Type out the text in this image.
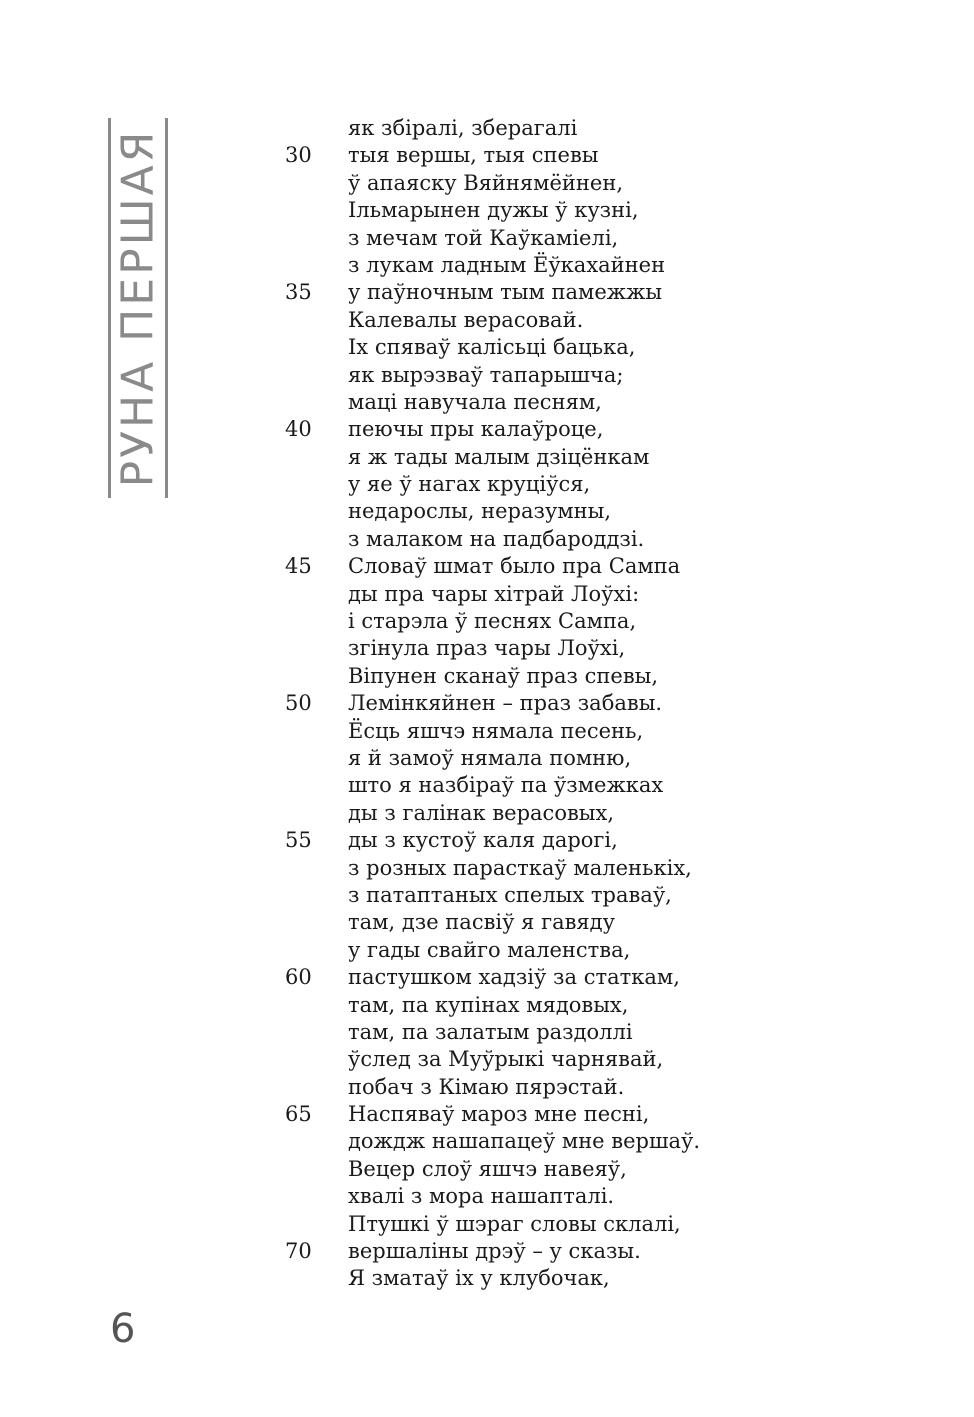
РУНА ПЕРШАЯ
як збіралі, зберагалі
30	тыя вершы, тыя спевы
ў апаяску Вяйнямёйнен,
Ільмарынен дужы ў кузні,
з мечам той Каўкаміелі,
з лукам ладным Ёўкахайнен
35	у паўночным тым памежжы
Калевалы верасовай.
Іх спяваў калісьці бацька,
як вырэзваў тапарышча;
маці навучала песням,
40	пеючы пры калаўроце,
я ж тады малым дзіцёнкам
у яе ў нагах круціўся,
недарослы, неразумны,
з малаком на падбароддзі.
45	Словаў шмат было пра Сампа
ды пра чары хітрай Лоўхі:
і старэла ў песнях Сампа,
згінула праз чары Лоўхі,
Віпунен сканаў праз спевы,
50	Лемінкяйнен – праз забавы.
Ёсць яшчэ нямала песень,
я й замоў нямала помню,
што я назбіраў па ўзмежках
ды з галінак верасовых,
55	ды з кустоў каля дарогі,
з розных парасткаў маленькіх,
з патаптаных спелых траваў,
там, дзе пасвіў я гавяду
у гады свайго маленства,
60	пастушком хадзіў за статкам,
там, па купінах мядовых,
там, па залатым раздоллі
ўслед за Муўрыкі чарнявай,
побач з Кімаю пярэстай.
65	Наспяваў мароз мне песні,
дождж нашапацеў мне вершаў.
Вецер слоў яшчэ навеяў,
хвалі з мора нашапталі.
Птушкі ў шэраг словы склалі,
70	вершаліны дрэў – у сказы.
Я зматаў іх у клубочак,
6
